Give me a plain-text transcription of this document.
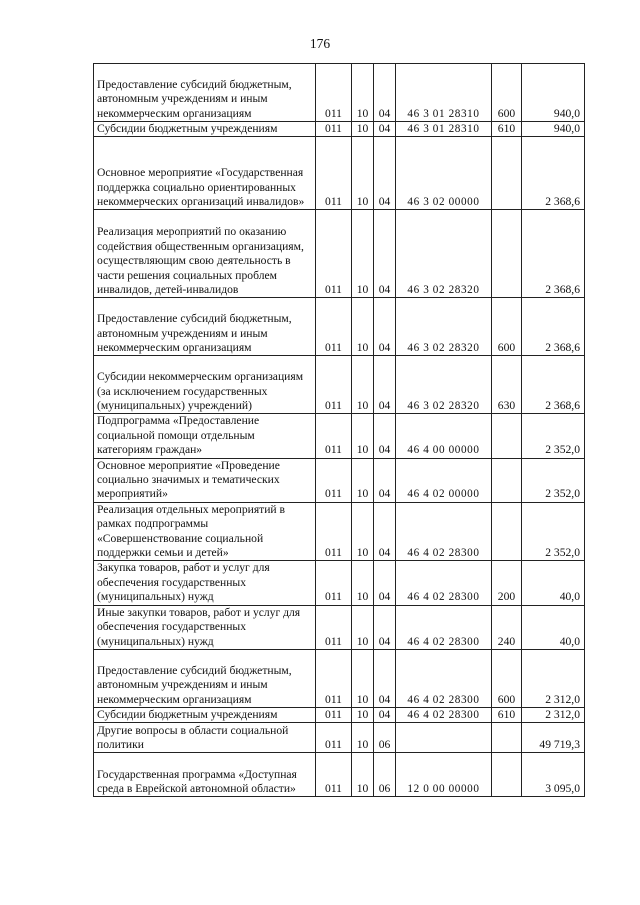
176
Предоставление субсидий бюджетным, автономным учреждениям и иным некоммерческим организациям	011	10	04	46 3 01 28310	600	940,0
Субсидии бюджетным учреждениям	011	10	04	46 3 01 28310	610	940,0
Основное мероприятие «Государственная поддержка социально ориентированных некоммерческих организаций инвалидов»	011	10	04	46 3 02 00000		2 368,6
Реализация мероприятий по оказанию содействия общественным организациям, осуществляющим свою деятельность в части решения социальных проблем инвалидов, детей-инвалидов	011	10	04	46 3 02 28320		2 368,6
Предоставление субсидий бюджетным, автономным учреждениям и иным некоммерческим организациям	011	10	04	46 3 02 28320	600	2 368,6
Субсидии некоммерческим организациям (за исключением государственных (муниципальных) учреждений)	011	10	04	46 3 02 28320	630	2 368,6
Подпрограмма «Предоставление социальной помощи отдельным категориям граждан»	011	10	04	46 4 00 00000		2 352,0
Основное мероприятие «Проведение социально значимых и тематических мероприятий»	011	10	04	46 4 02 00000		2 352,0
Реализация отдельных мероприятий в рамках подпрограммы «Совершенствование социальной поддержки семьи и детей»	011	10	04	46 4 02 28300		2 352,0
Закупка товаров, работ и услуг для обеспечения государственных (муниципальных) нужд	011	10	04	46 4 02 28300	200	40,0
Иные закупки товаров, работ и услуг для обеспечения государственных (муниципальных) нужд	011	10	04	46 4 02 28300	240	40,0
Предоставление субсидий бюджетным, автономным учреждениям и иным некоммерческим организациям	011	10	04	46 4 02 28300	600	2 312,0
Субсидии бюджетным учреждениям	011	10	04	46 4 02 28300	610	2 312,0
Другие вопросы в области социальной политики	011	10	06			49 719,3
Государственная программа «Доступная среда в Еврейской автономной области»	011	10	06	12 0 00 00000		3 095,0
